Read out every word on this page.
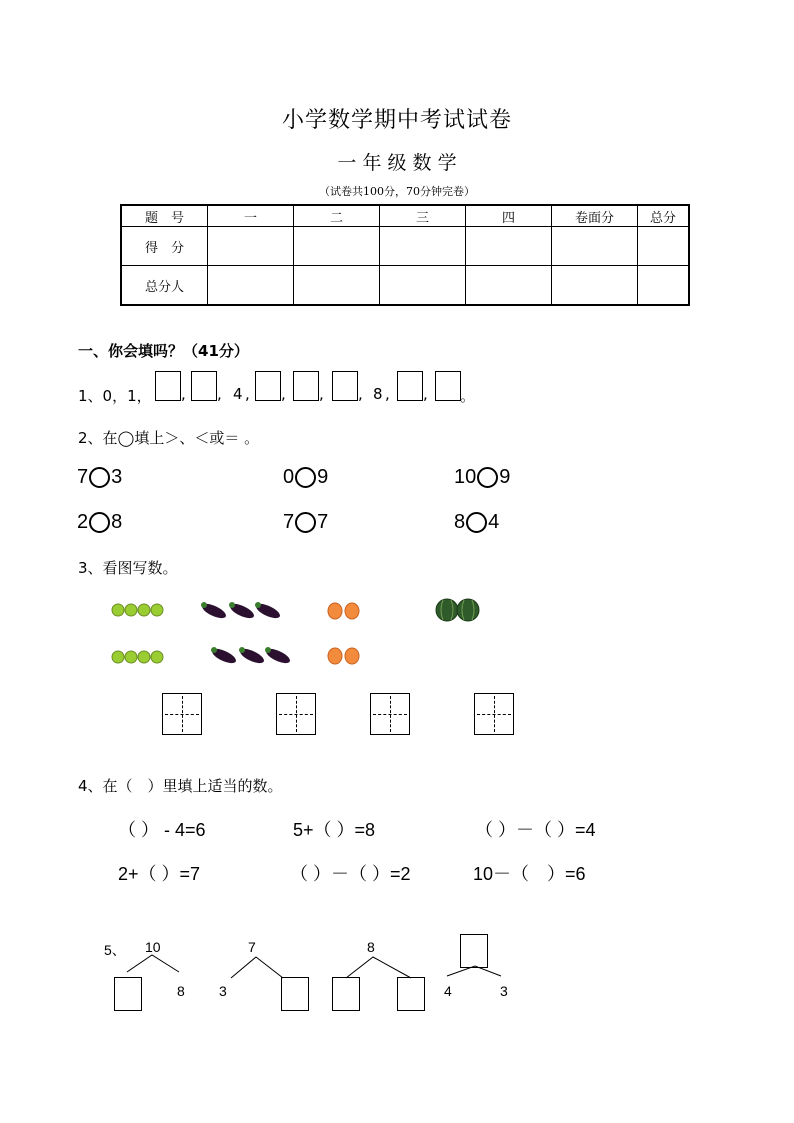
小学数学期中考试试卷
一 年 级 数 学
（试卷共100分，70分钟完卷）
题　号	一	二	三	四	卷面分	总分
得　分						
总分人						
一、你会填吗？（41分）
1、0，1， , , 4 , , , , 8 , , 。
2、在◯填上＞、＜或＝ 。
7 3	0 9	10 9
2 8	7 7	8 4
3、看图写数。
4、在（　）里填上适当的数。
（ ） - 4=6	5+（ ）=8	（ ）－（ ）=4
2+（ ）=7	（ ）－（ ）=2	10－（　）=6
5、 10
8
7
3
8
4	3
